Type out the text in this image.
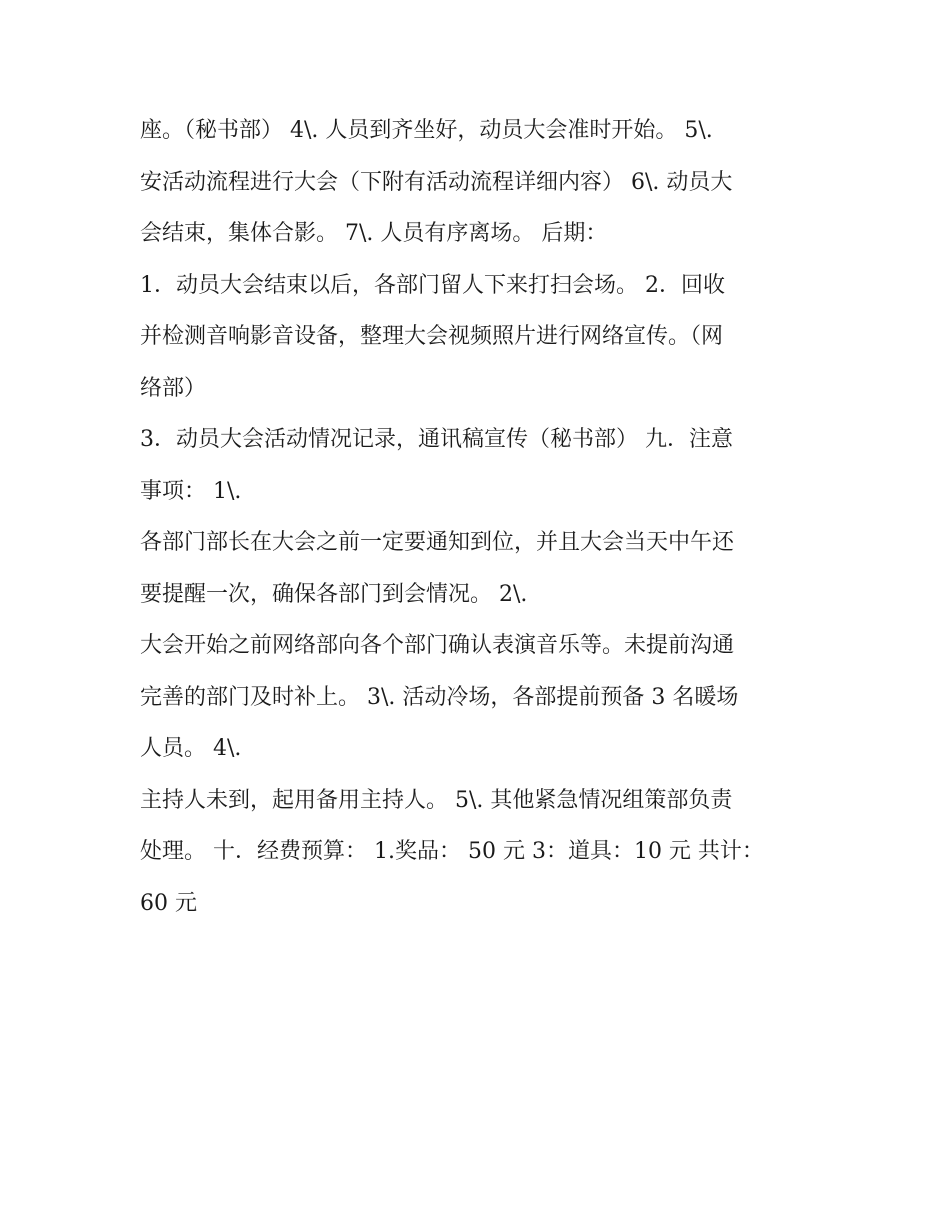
座。（秘书部） 4\. 人员到齐坐好，动员大会准时开始。 5\.
安活动流程进行大会（下附有活动流程详细内容） 6\. 动员大
会结束，集体合影。 7\. 人员有序离场。 后期：
1．动员大会结束以后，各部门留人下来打扫会场。 2．回收
并检测音响影音设备，整理大会视频照片进行网络宣传。（网
络部）
3．动员大会活动情况记录，通讯稿宣传（秘书部） 九．注意
事项： 1\.
各部门部长在大会之前一定要通知到位，并且大会当天中午还
要提醒一次，确保各部门到会情况。 2\.
大会开始之前网络部向各个部门确认表演音乐等。未提前沟通
完善的部门及时补上。 3\. 活动冷场，各部提前预备 3 名暖场
人员。 4\.
主持人未到，起用备用主持人。 5\. 其他紧急情况组策部负责
处理。 十．经费预算： 1.奖品： 50 元 3：道具：10 元 共计：
60 元
